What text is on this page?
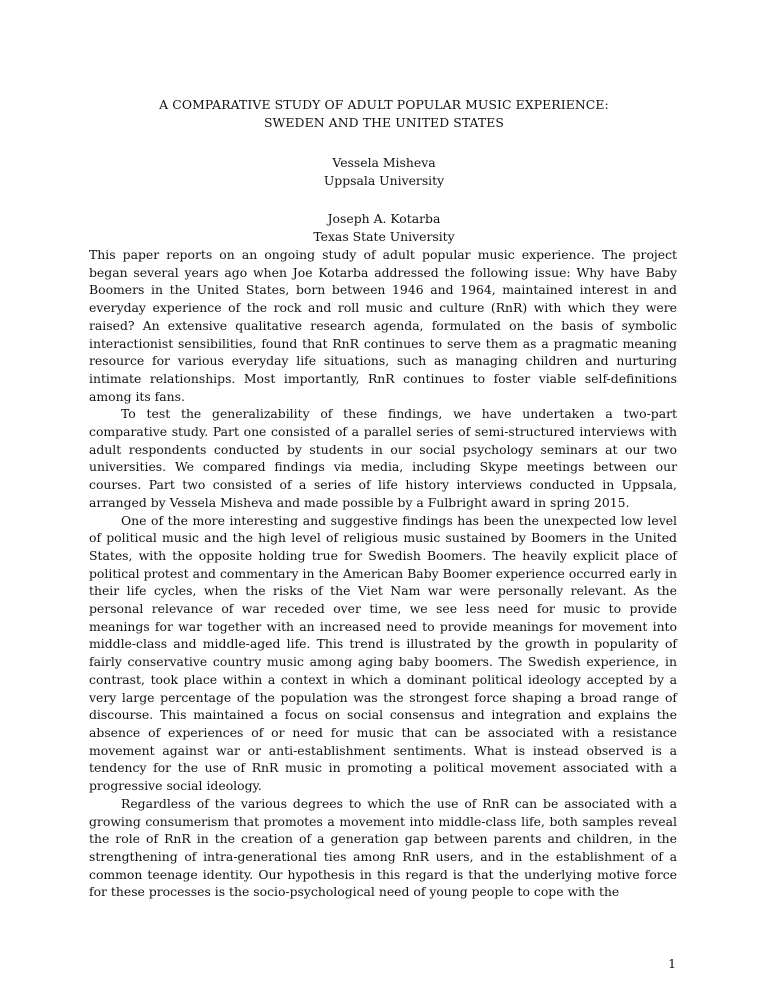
A COMPARATIVE STUDY OF ADULT POPULAR MUSIC EXPERIENCE:
SWEDEN AND THE UNITED STATES
Vessela Misheva
Uppsala University
Joseph A. Kotarba
Texas State University

This paper reports on an ongoing study of adult popular music experience. The project began several years ago when Joe Kotarba addressed the following issue: Why have Baby Boomers in the United States, born between 1946 and 1964, maintained interest in and everyday experience of the rock and roll music and culture (RnR) with which they were raised? An extensive qualitative research agenda, formulated on the basis of symbolic interactionist sensibilities, found that RnR continues to serve them as a pragmatic meaning resource for various everyday life situations, such as managing children and nurturing intimate relationships. Most importantly, RnR continues to foster viable self-definitions among its fans.

To test the generalizability of these findings, we have undertaken a two-part comparative study. Part one consisted of a parallel series of semi-structured interviews with adult respondents conducted by students in our social psychology seminars at our two universities. We compared findings via media, including Skype meetings between our courses. Part two consisted of a series of life history interviews conducted in Uppsala, arranged by Vessela Misheva and made possible by a Fulbright award in spring 2015.

One of the more interesting and suggestive findings has been the unexpected low level of political music and the high level of religious music sustained by Boomers in the United States, with the opposite holding true for Swedish Boomers. The heavily explicit place of political protest and commentary in the American Baby Boomer experience occurred early in their life cycles, when the risks of the Viet Nam war were personally relevant. As the personal relevance of war receded over time, we see less need for music to provide meanings for war together with an increased need to provide meanings for movement into middle-class and middle-aged life. This trend is illustrated by the growth in popularity of fairly conservative country music among aging baby boomers. The Swedish experience, in contrast, took place within a context in which a dominant political ideology accepted by a very large percentage of the population was the strongest force shaping a broad range of discourse. This maintained a focus on social consensus and integration and explains the absence of experiences of or need for music that can be associated with a resistance movement against war or anti-establishment sentiments. What is instead observed is a tendency for the use of RnR music in promoting a political movement associated with a progressive social ideology.

Regardless of the various degrees to which the use of RnR can be associated with a growing consumerism that promotes a movement into middle-class life, both samples reveal the role of RnR in the creation of a generation gap between parents and children, in the strengthening of intra-generational ties among RnR users, and in the establishment of a common teenage identity. Our hypothesis in this regard is that the underlying motive force for these processes is the socio-psychological need of young people to cope with the

1
